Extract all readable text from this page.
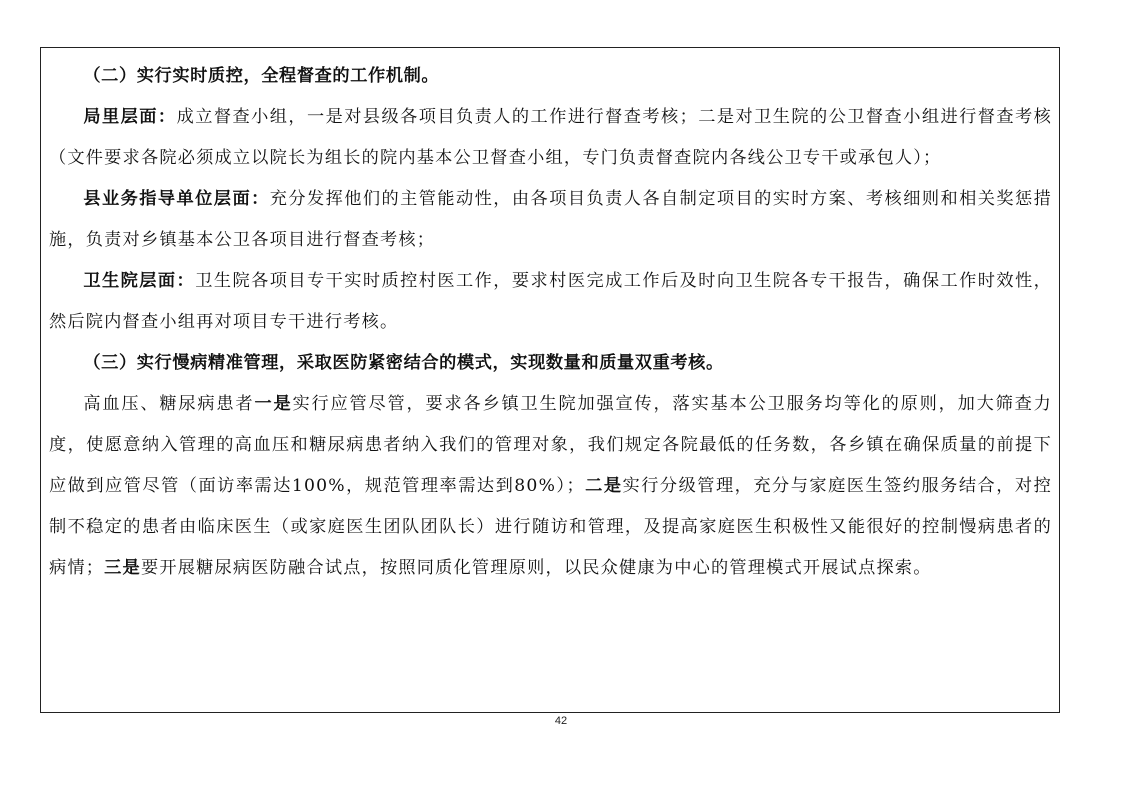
（二）实行实时质控，全程督查的工作机制。

局里层面：成立督查小组，一是对县级各项目负责人的工作进行督查考核；二是对卫生院的公卫督查小组进行督查考核（文件要求各院必须成立以院长为组长的院内基本公卫督查小组，专门负责督查院内各线公卫专干或承包人）；

县业务指导单位层面：充分发挥他们的主管能动性，由各项目负责人各自制定项目的实时方案、考核细则和相关奖惩措施，负责对乡镇基本公卫各项目进行督查考核；

卫生院层面：卫生院各项目专干实时质控村医工作，要求村医完成工作后及时向卫生院各专干报告，确保工作时效性，然后院内督查小组再对项目专干进行考核。

（三）实行慢病精准管理，采取医防紧密结合的模式，实现数量和质量双重考核。

高血压、糖尿病患者一是实行应管尽管，要求各乡镇卫生院加强宣传，落实基本公卫服务均等化的原则，加大筛查力度，使愿意纳入管理的高血压和糖尿病患者纳入我们的管理对象，我们规定各院最低的任务数，各乡镇在确保质量的前提下应做到应管尽管（面访率需达100%，规范管理率需达到80%）；二是实行分级管理，充分与家庭医生签约服务结合，对控制不稳定的患者由临床医生（或家庭医生团队团队长）进行随访和管理，及提高家庭医生积极性又能很好的控制慢病患者的病情；三是要开展糖尿病医防融合试点，按照同质化管理原则，以民众健康为中心的管理模式开展试点探索。

42
